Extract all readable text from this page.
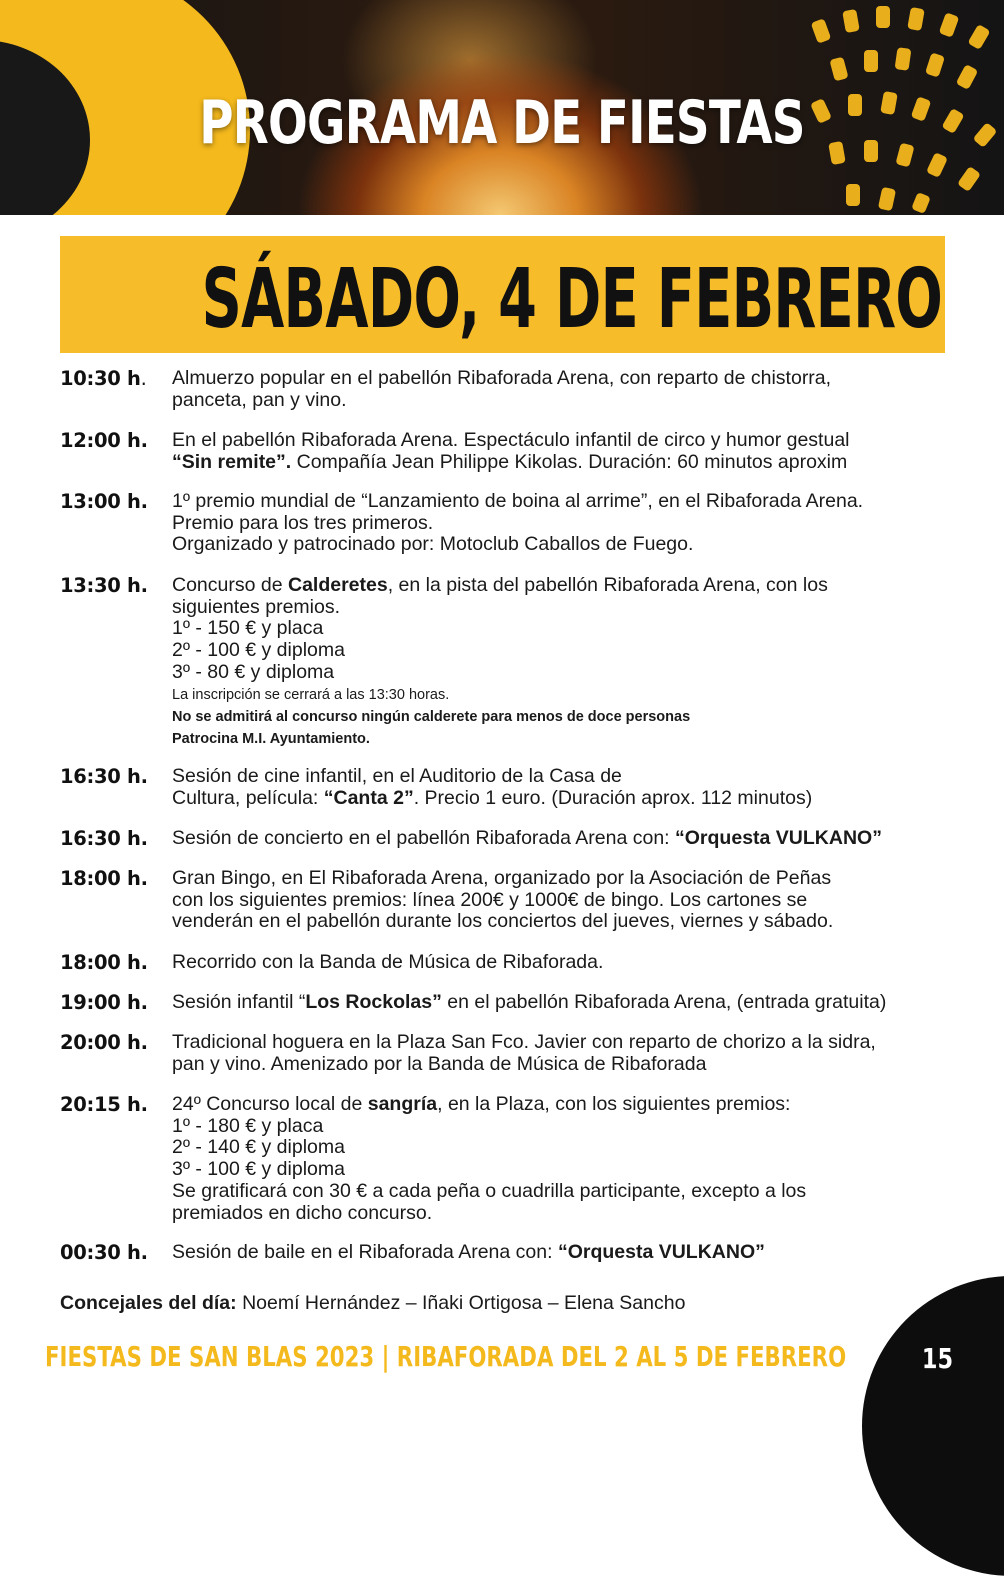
PROGRAMA DE FIESTAS
SÁBADO, 4 DE FEBRERO
10:30 h. Almuerzo popular en el pabellón Ribaforada Arena, con reparto de chistorra,
panceta, pan y vino.
12:00 h. En el pabellón Ribaforada Arena. Espectáculo infantil de circo y humor gestual
“Sin remite”. Compañía Jean Philippe Kikolas. Duración: 60 minutos aproxim
13:00 h. 1º premio mundial de “Lanzamiento de boina al arrime”, en el Ribaforada Arena.
Premio para los tres primeros.
Organizado y patrocinado por: Motoclub Caballos de Fuego.
13:30 h. Concurso de Calderetes, en la pista del pabellón Ribaforada Arena, con los
siguientes premios.
1º - 150 € y placa
2º - 100 € y diploma
3º - 80 € y diploma
La inscripción se cerrará a las 13:30 horas.
No se admitirá al concurso ningún calderete para menos de doce personas
Patrocina M.I. Ayuntamiento.
16:30 h. Sesión de cine infantil, en el Auditorio de la Casa de
Cultura, película: “Canta 2”. Precio 1 euro. (Duración aprox. 112 minutos)
16:30 h. Sesión de concierto en el pabellón Ribaforada Arena con: “Orquesta VULKANO”
18:00 h. Gran Bingo, en El Ribaforada Arena, organizado por la Asociación de Peñas
con los siguientes premios: línea 200€ y 1000€ de bingo. Los cartones se
venderán en el pabellón durante los conciertos del jueves, viernes y sábado.
18:00 h. Recorrido con la Banda de Música de Ribaforada.
19:00 h. Sesión infantil “Los Rockolas” en el pabellón Ribaforada Arena, (entrada gratuita)
20:00 h. Tradicional hoguera en la Plaza San Fco. Javier con reparto de chorizo a la sidra,
pan y vino. Amenizado por la Banda de Música de Ribaforada
20:15 h. 24º Concurso local de sangría, en la Plaza, con los siguientes premios:
1º - 180 € y placa
2º - 140 € y diploma
3º - 100 € y diploma
Se gratificará con 30 € a cada peña o cuadrilla participante, excepto a los
premiados en dicho concurso.
00:30 h. Sesión de baile en el Ribaforada Arena con: “Orquesta VULKANO”
Concejales del día: Noemí Hernández – Iñaki Ortigosa – Elena Sancho
FIESTAS DE SAN BLAS 2023 | RIBAFORADA DEL 2 AL 5 DE FEBRERO	15
